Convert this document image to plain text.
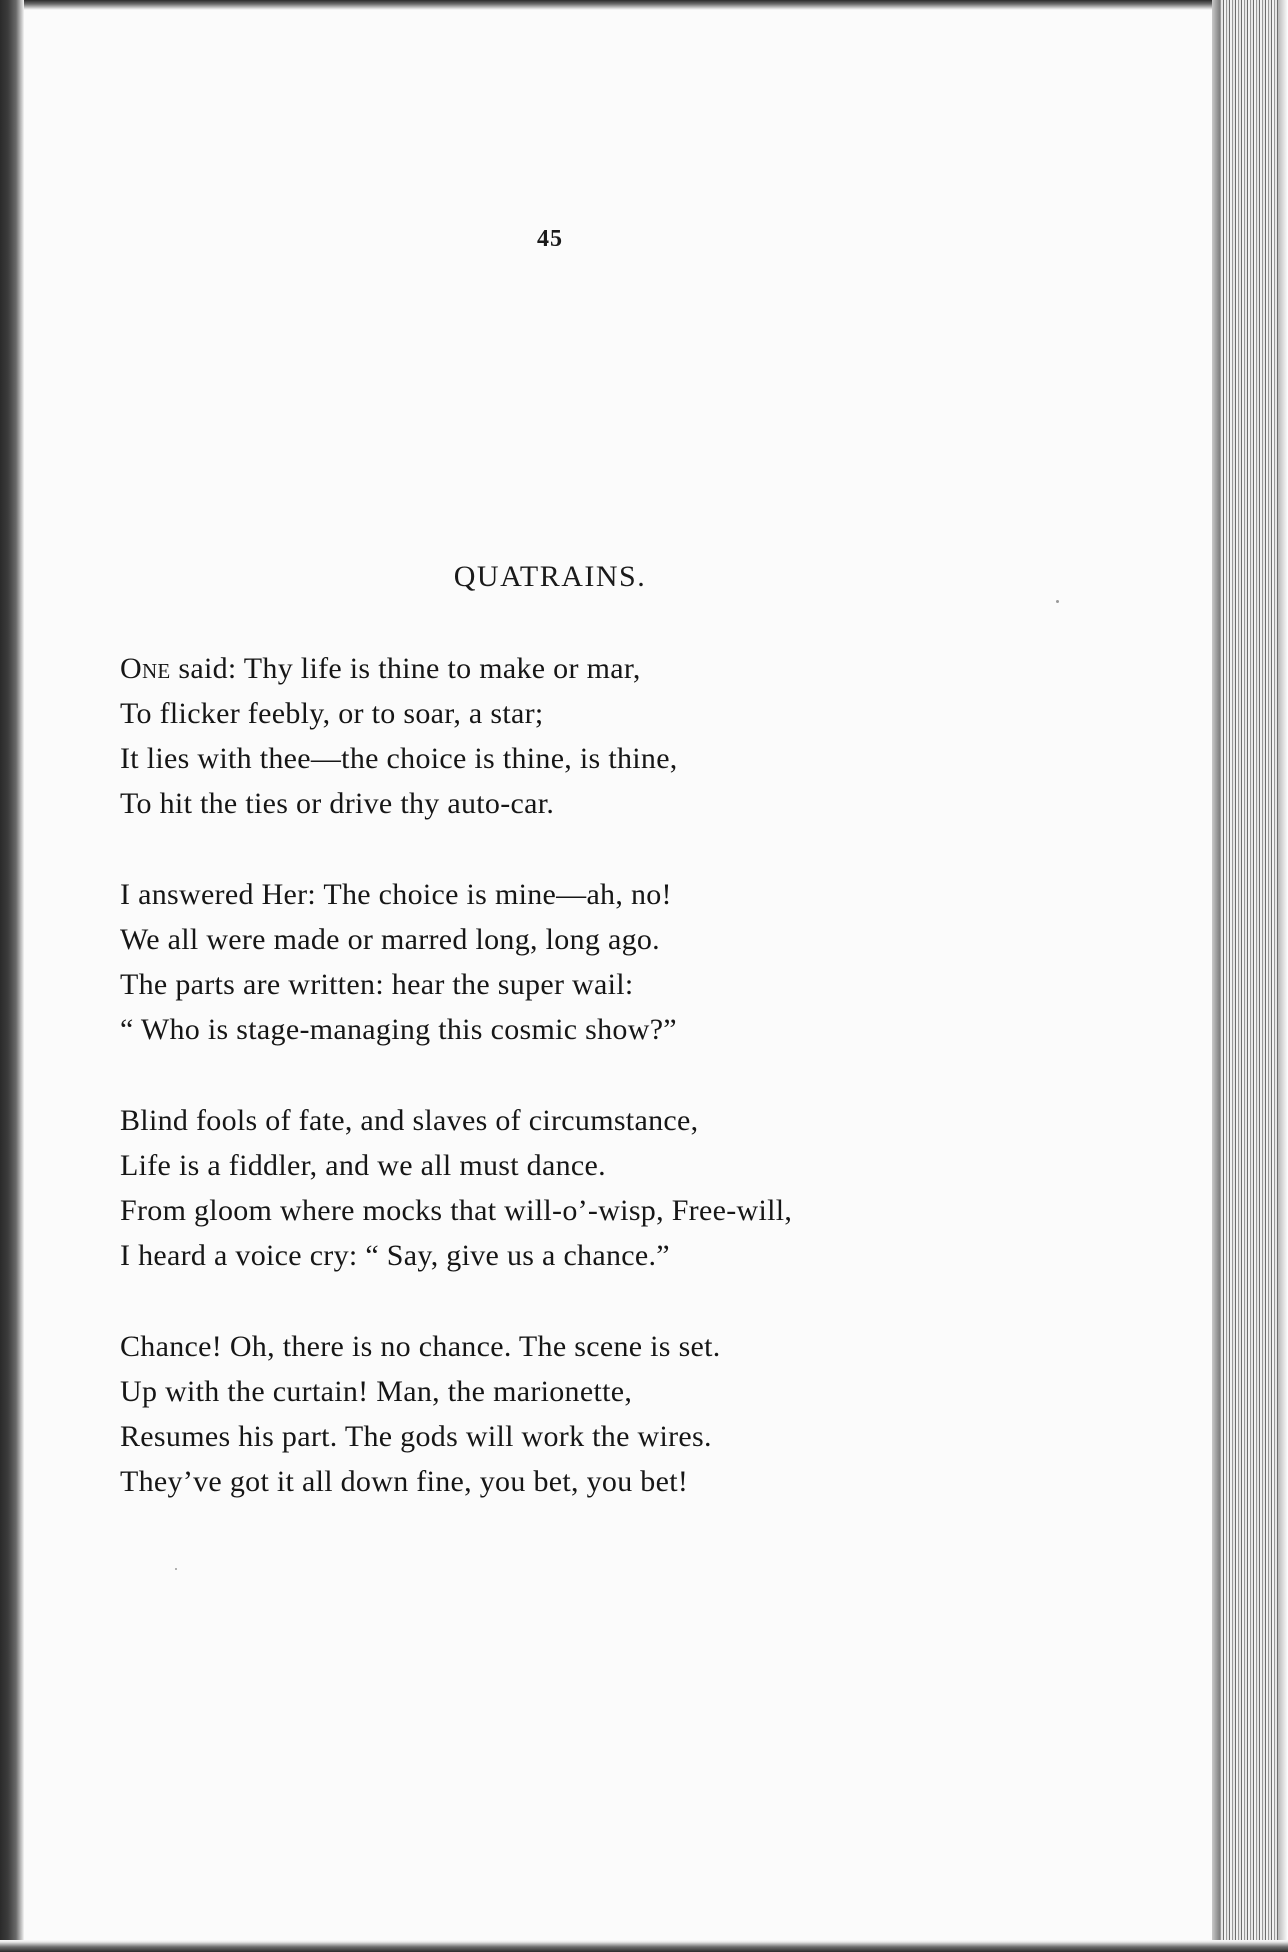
45
QUATRAINS.
One said: Thy life is thine to make or mar,
To flicker feebly, or to soar, a star;
It lies with thee—the choice is thine, is thine,
To hit the ties or drive thy auto-car.
I answered Her: The choice is mine—ah, no!
We all were made or marred long, long ago.
The parts are written: hear the super wail:
“ Who is stage-managing this cosmic show?”
Blind fools of fate, and slaves of circumstance,
Life is a fiddler, and we all must dance.
From gloom where mocks that will-o’-wisp, Free-will,
I heard a voice cry: “ Say, give us a chance.”
Chance! Oh, there is no chance. The scene is set.
Up with the curtain! Man, the marionette,
Resumes his part. The gods will work the wires.
They’ve got it all down fine, you bet, you bet!
